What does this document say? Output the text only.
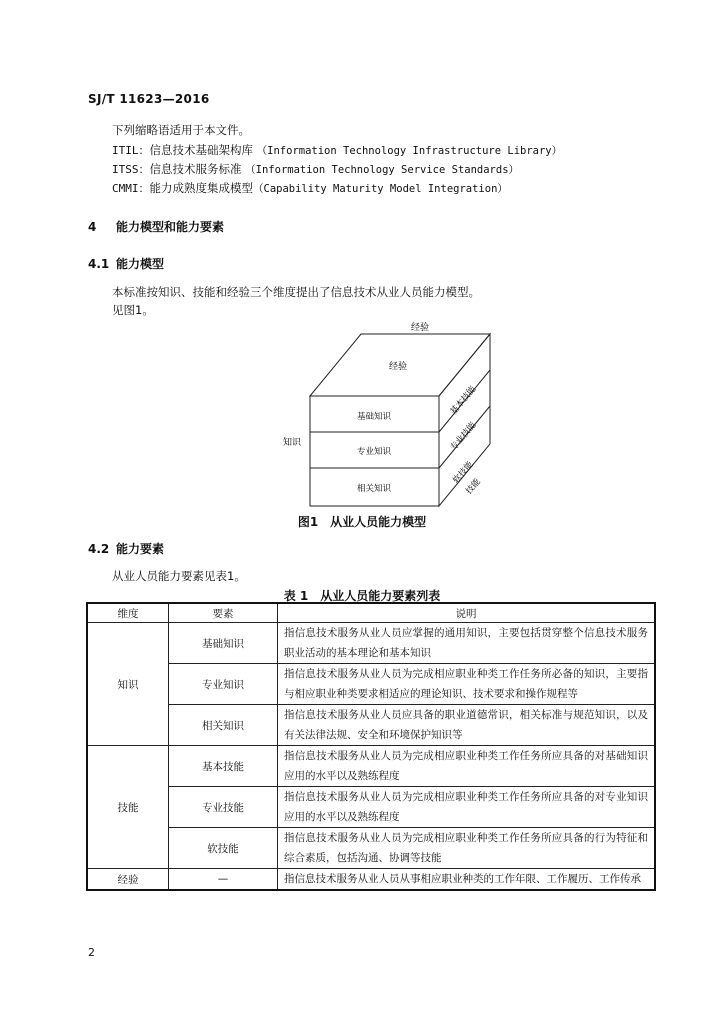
SJ/T 11623—2016
下列缩略语适用于本文件。
ITIL：信息技术基础架构库 （Information Technology Infrastructure Library）
ITSS：信息技术服务标准 （Information Technology Service Standards）
CMMI：能力成熟度集成模型（Capability Maturity Model Integration）
4 能力模型和能力要素
4.1 能力模型
本标准按知识、技能和经验三个维度提出了信息技术从业人员能力模型。
见图1。
经验
经验
知识
基础知识
专业知识
相关知识
基本技能
专业技能
软技能
技能
图1　从业人员能力模型
4.2 能力要素
从业人员能力要素见表1。
表 1　从业人员能力要素列表
维度	要素	说明
知识	基础知识	指信息技术服务从业人员应掌握的通用知识，主要包括贯穿整个信息技术服务职业活动的基本理论和基本知识
	专业知识	指信息技术服务从业人员为完成相应职业种类工作任务所必备的知识，主要指与相应职业种类要求相适应的理论知识、技术要求和操作规程等
	相关知识	指信息技术服务从业人员应具备的职业道德常识，相关标准与规范知识，以及有关法律法规、安全和环境保护知识等
技能	基本技能	指信息技术服务从业人员为完成相应职业种类工作任务所应具备的对基础知识应用的水平以及熟练程度
	专业技能	指信息技术服务从业人员为完成相应职业种类工作任务所应具备的对专业知识应用的水平以及熟练程度
	软技能	指信息技术服务从业人员为完成相应职业种类工作任务所应具备的行为特征和综合素质，包括沟通、协调等技能
经验	—	指信息技术服务从业人员从事相应职业种类的工作年限、工作履历、工作传承
2
